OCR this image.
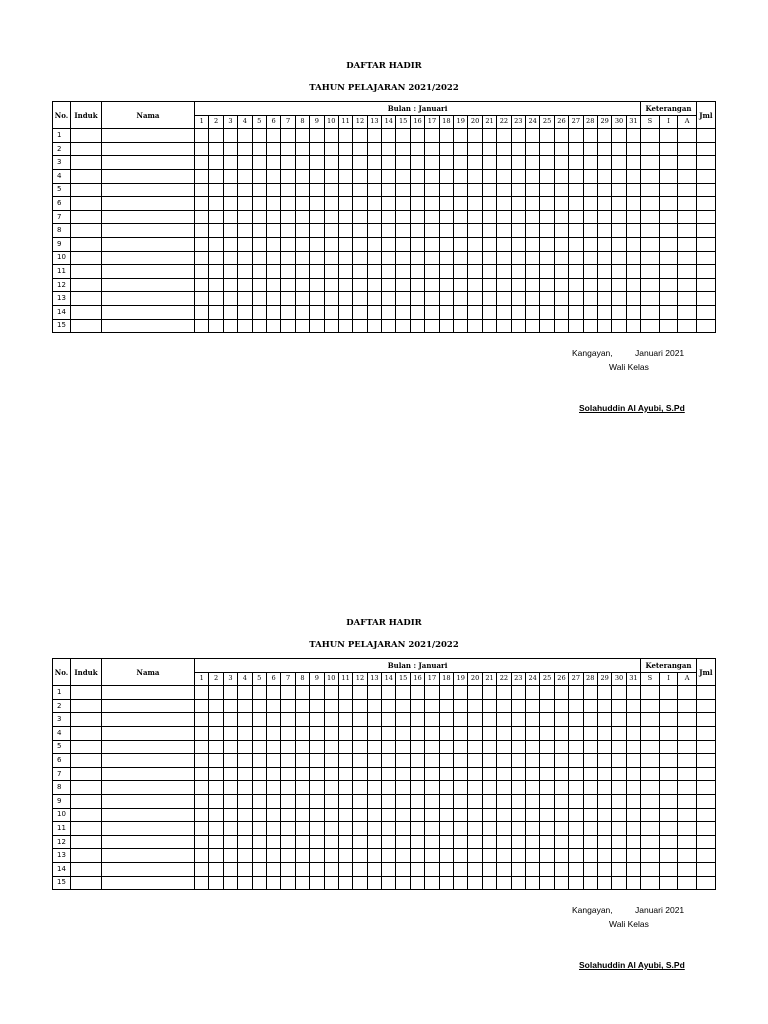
DAFTAR HADIR
TAHUN PELAJARAN 2021/2022
No.	Induk	Nama	Bulan : Januari																															Keterangan			Jml
			1	2	3	4	5	6	7	8	9	10	11	12	13	14	15	16	17	18	19	20	21	22	23	24	25	26	27	28	29	30	31	S	I	A	
1																																					
2																																					
3																																					
4																																					
5																																					
6																																					
7																																					
8																																					
9																																					
10																																					
11																																					
12																																					
13																																					
14																																					
15																																					
Kangayan,	Januari 2021
Wali Kelas
Solahuddin Al Ayubi, S.Pd
DAFTAR HADIR
TAHUN PELAJARAN 2021/2022
No.	Induk	Nama	Bulan : Januari																															Keterangan			Jml
			1	2	3	4	5	6	7	8	9	10	11	12	13	14	15	16	17	18	19	20	21	22	23	24	25	26	27	28	29	30	31	S	I	A	
1																																					
2																																					
3																																					
4																																					
5																																					
6																																					
7																																					
8																																					
9																																					
10																																					
11																																					
12																																					
13																																					
14																																					
15																																					
Kangayan,	Januari 2021
Wali Kelas
Solahuddin Al Ayubi, S.Pd
